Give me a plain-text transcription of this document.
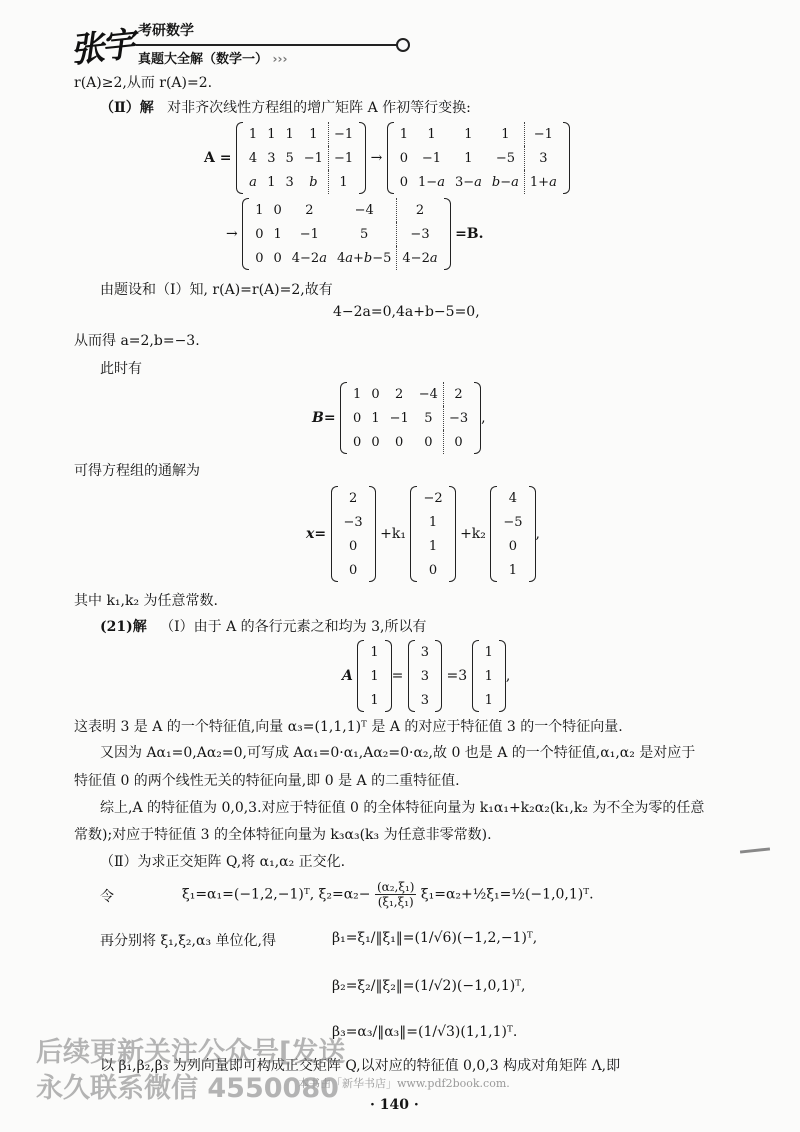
张宇 考研数学
真题大全解（数学一） ›››
r(A)≥2,从而 r(A)=2.
（Ⅱ）解 对非齐次线性方程组的增广矩阵 A 作初等行变换:
A =
1	1	1	1	−1
4	3	5	−1	−1
a	1	3	b	1
→
1	1	1	1	−1
0	−1	1	−5	3
0	1−a	3−a	b−a	1+a
→
1	0	2	−4	2
0	1	−1	5	−3
0	0	4−2a	4a+b−5	4−2a
=B.
由题设和（Ⅰ）知, r(A)=r(A)=2,故有
4−2a=0,4a+b−5=0,
从而得 a=2,b=−3.
此时有
B=
1	0	2	−4	2
0	1	−1	5	−3
0	0	0	0	0
,
可得方程组的通解为
x=
2
−3
0
0
+k₁
−2
1
1
0
+k₂
4
−5
0
1
,
其中 k₁,k₂ 为任意常数.
(21)解 （Ⅰ）由于 A 的各行元素之和均为 3,所以有
A
1
1
1
=
3
3
3
=3
1
1
1
,
这表明 3 是 A 的一个特征值,向量 α₃=(1,1,1)ᵀ 是 A 的对应于特征值 3 的一个特征向量.
又因为 Aα₁=0,Aα₂=0,可写成 Aα₁=0·α₁,Aα₂=0·α₂,故 0 也是 A 的一个特征值,α₁,α₂ 是对应于
特征值 0 的两个线性无关的特征向量,即 0 是 A 的二重特征值.
综上,A 的特征值为 0,0,3.对应于特征值 0 的全体特征向量为 k₁α₁+k₂α₂(k₁,k₂ 为不全为零的任意
常数);对应于特征值 3 的全体特征向量为 k₃α₃(k₃ 为任意非零常数).
（Ⅱ）为求正交矩阵 Q,将 α₁,α₂ 正交化.
令	ξ₁=α₁=(−1,2,−1)ᵀ, $\xi_2=\alpha_2- \frac{\text{(α₂,ξ₁)}}{\text{(ξ₁,ξ₁)}}$ ξ₁=α₂+½ξ₁=½(−1,0,1)ᵀ.
再分别将 ξ₁,ξ₂,α₃ 单位化,得	β₁=ξ₁/‖ξ₁‖=(1/√6)(−1,2,−1)ᵀ,
β₂=ξ₂/‖ξ₂‖=(1/√2)(−1,0,1)ᵀ,
β₃=α₃/‖α₃‖=(1/√3)(1,1,1)ᵀ.
以 β₁,β₂,β₃ 为列向量即可构成正交矩阵 Q,以对应的特征值 0,0,3 构成对角矩阵 Λ,即
后续更新关注公众号[发送
永久联系微信 4550080
本书由「新华书店」www.pdf2book.com.
· 140 ·
